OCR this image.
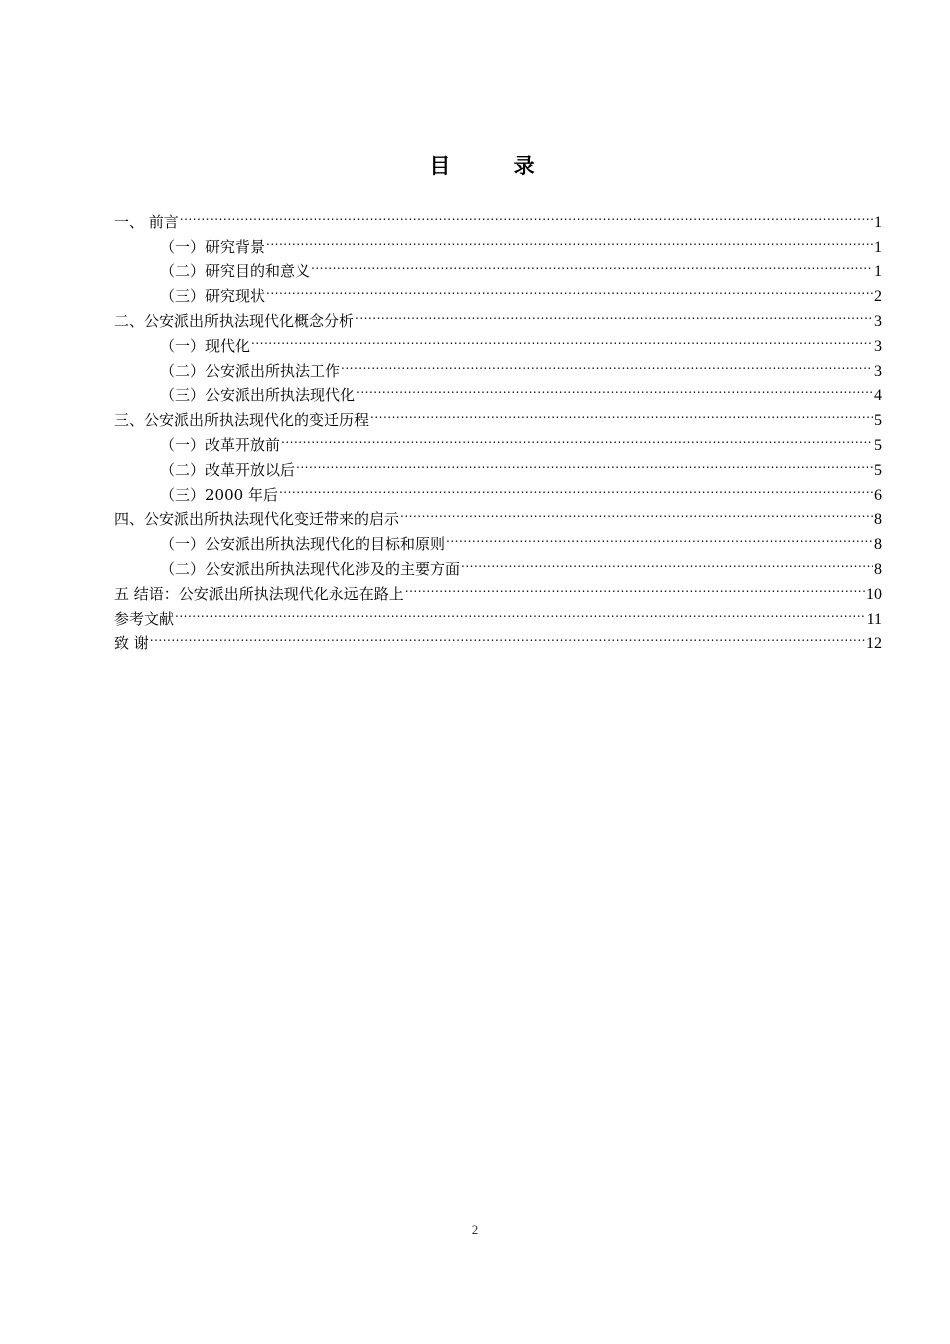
目 录
一、 前言 .....	1
（一）研究背景 .....	1
（二）研究目的和意义 .....	1
（三）研究现状 .....	2
二、公安派出所执法现代化概念分析 .....	3
（一）现代化 .....	3
（二）公安派出所执法工作 .....	3
（三）公安派出所执法现代化 .....	4
三、公安派出所执法现代化的变迁历程 .....	5
（一）改革开放前 .....	5
（二）改革开放以后 .....	5
（三）2000 年后 .....	6
四、公安派出所执法现代化变迁带来的启示 .....	8
（一）公安派出所执法现代化的目标和原则 .....	8
（二）公安派出所执法现代化涉及的主要方面 .....	8
五 结语：公安派出所执法现代化永远在路上 .....	10
参考文献 .....	11
致 谢 .....	12
2
